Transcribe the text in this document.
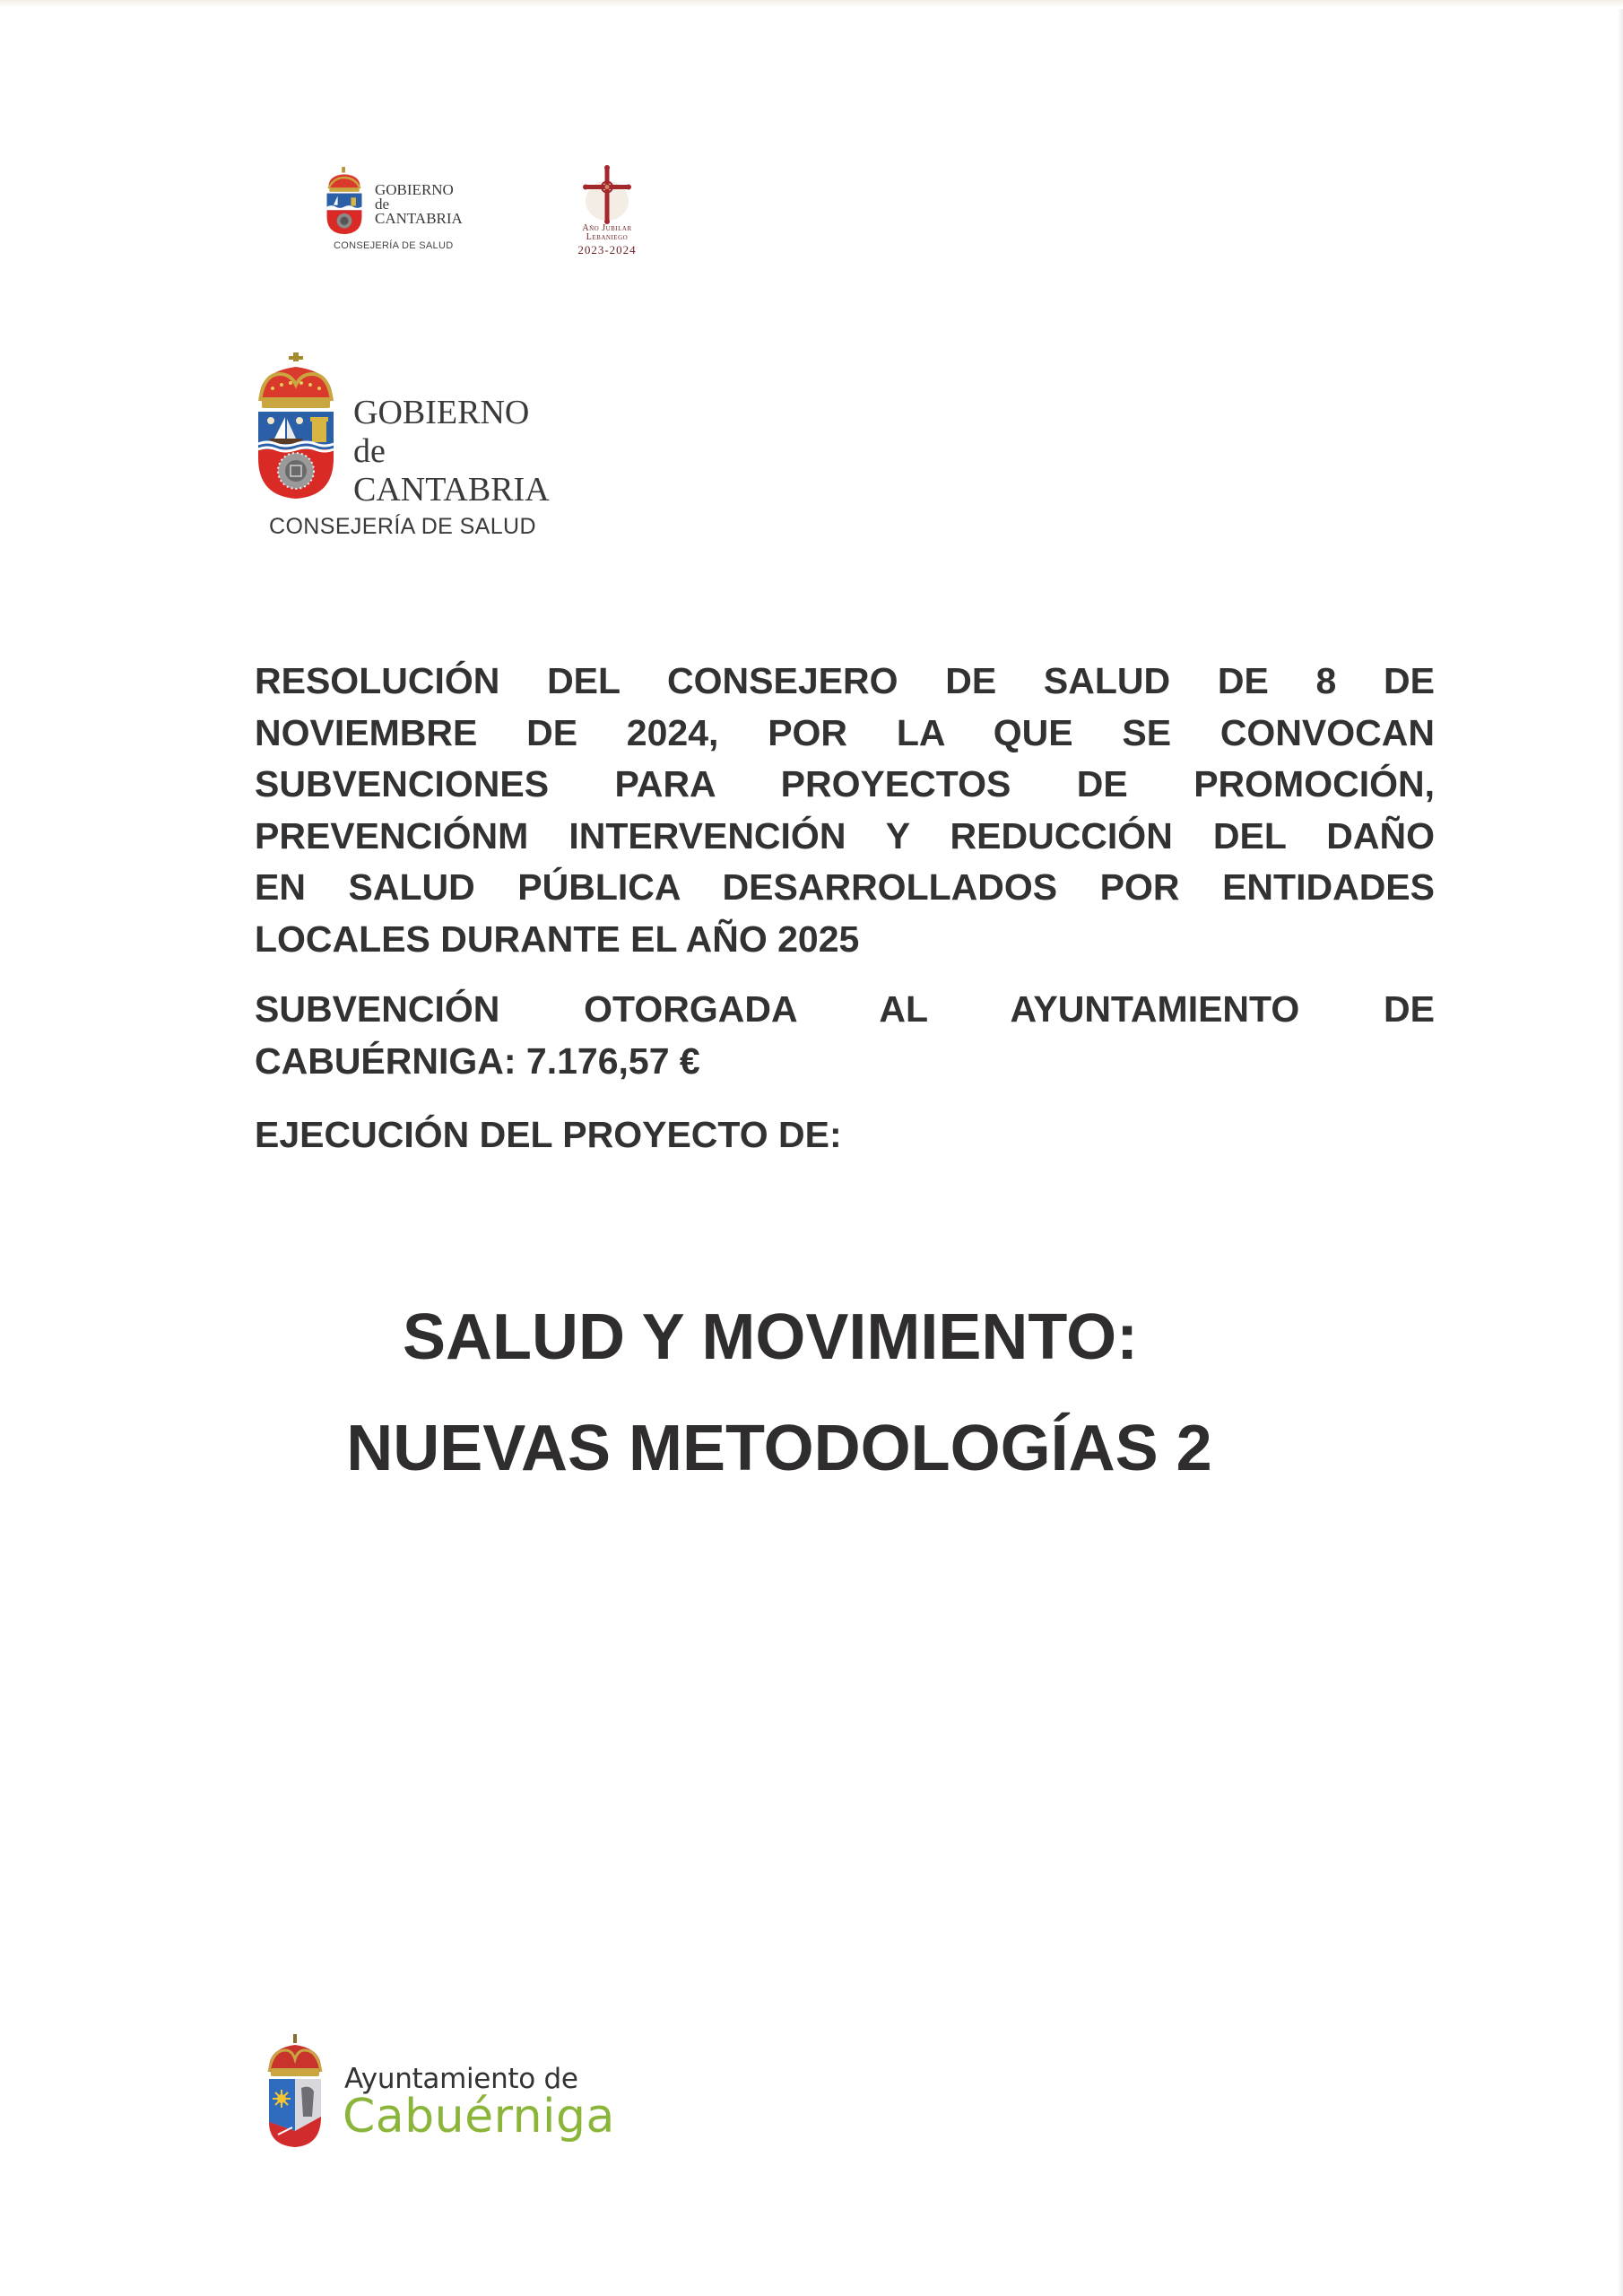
GOBIERNO
de
CANTABRIA
CONSEJERÍA DE SALUD
Año Jubilar
Lebaniego
2023-2024
GOBIERNO
de
CANTABRIA
CONSEJERÍA DE SALUD
RESOLUCIÓN DEL CONSEJERO DE SALUD DE 8 DE
NOVIEMBRE DE 2024, POR LA QUE SE CONVOCAN
SUBVENCIONES PARA PROYECTOS DE PROMOCIÓN,
PREVENCIÓNM INTERVENCIÓN Y REDUCCIÓN DEL DAÑO
EN SALUD PÚBLICA DESARROLLADOS POR ENTIDADES
LOCALES DURANTE EL AÑO 2025
SUBVENCIÓN OTORGADA AL AYUNTAMIENTO DE
CABUÉRNIGA: 7.176,57 €
EJECUCIÓN DEL PROYECTO DE:
SALUD Y MOVIMIENTO:
NUEVAS METODOLOGÍAS 2
Ayuntamiento de
Cabuérniga
